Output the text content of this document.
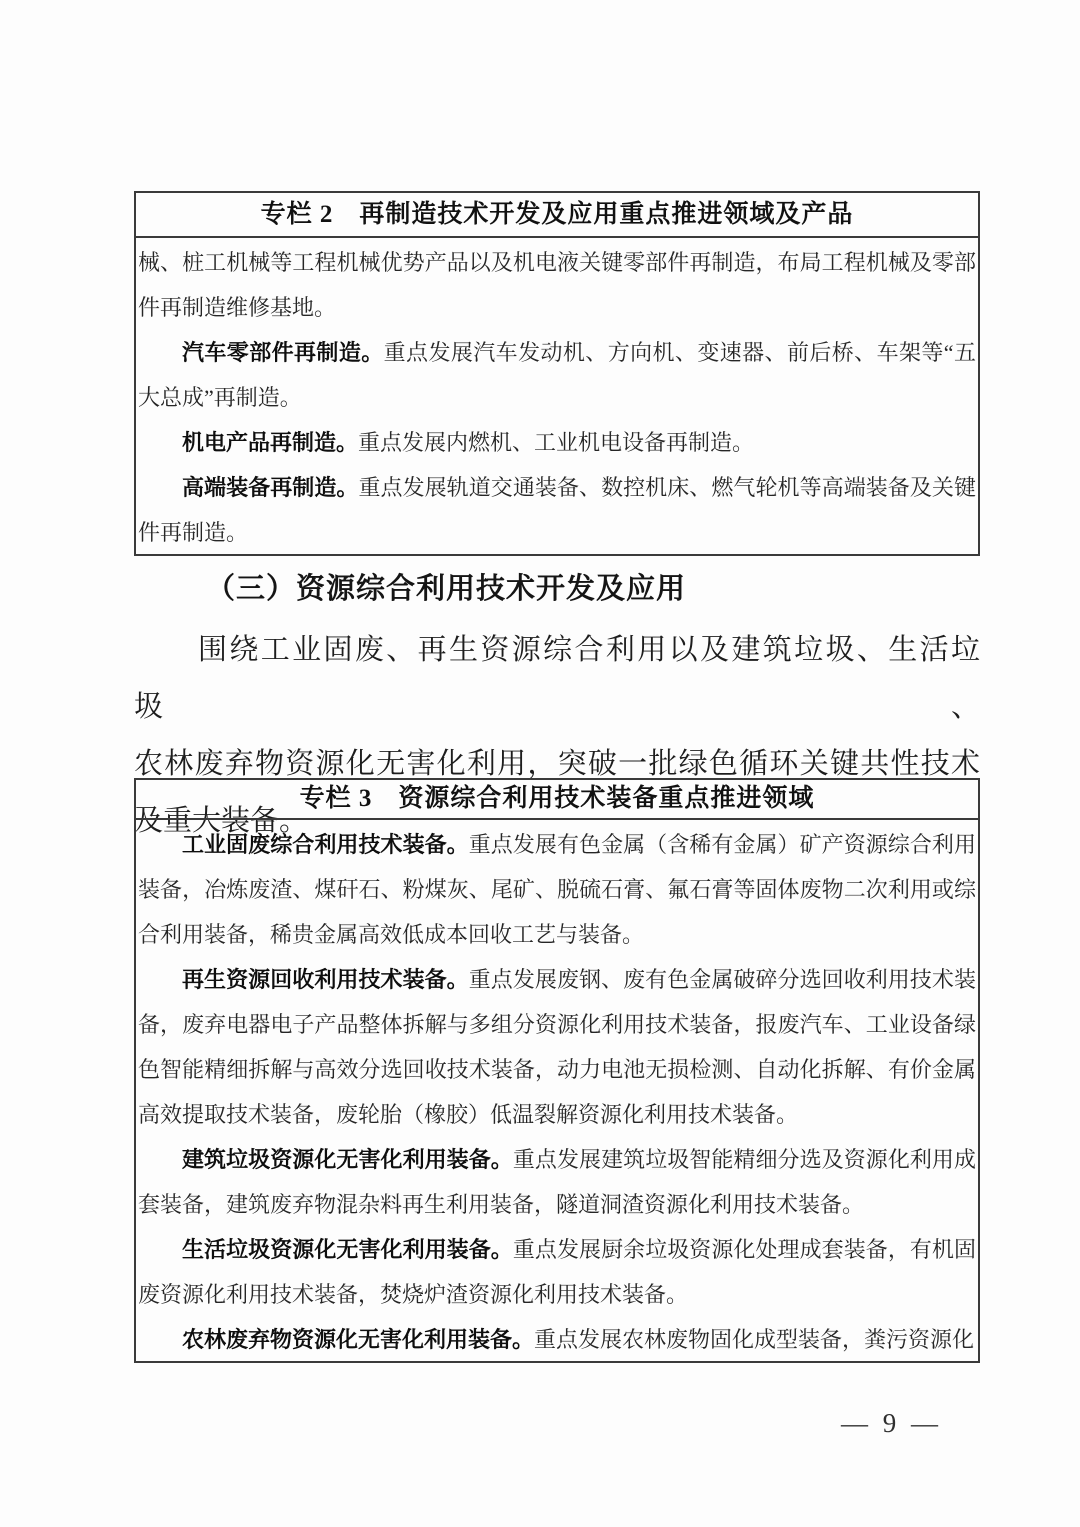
专栏 2　再制造技术开发及应用重点推进领域及产品

械、桩工机械等工程机械优势产品以及机电液关键零部件再制造，布局工程机械及零部件再制造维修基地。

汽车零部件再制造。重点发展汽车发动机、方向机、变速器、前后桥、车架等“五大总成”再制造。

机电产品再制造。重点发展内燃机、工业机电设备再制造。

高端装备再制造。重点发展轨道交通装备、数控机床、燃气轮机等高端装备及关键件再制造。

（三）资源综合利用技术开发及应用
围绕工业固废、再生资源综合利用以及建筑垃圾、生活垃圾、
农林废弃物资源化无害化利用，突破一批绿色循环关键共性技术
及重大装备。
专栏 3　资源综合利用技术装备重点推进领域

工业固废综合利用技术装备。重点发展有色金属（含稀有金属）矿产资源综合利用装备，冶炼废渣、煤矸石、粉煤灰、尾矿、脱硫石膏、氟石膏等固体废物二次利用或综合利用装备，稀贵金属高效低成本回收工艺与装备。

再生资源回收利用技术装备。重点发展废钢、废有色金属破碎分选回收利用技术装备，废弃电器电子产品整体拆解与多组分资源化利用技术装备，报废汽车、工业设备绿色智能精细拆解与高效分选回收技术装备，动力电池无损检测、自动化拆解、有价金属高效提取技术装备，废轮胎（橡胶）低温裂解资源化利用技术装备。

建筑垃圾资源化无害化利用装备。重点发展建筑垃圾智能精细分选及资源化利用成套装备，建筑废弃物混杂料再生利用装备，隧道洞渣资源化利用技术装备。

生活垃圾资源化无害化利用装备。重点发展厨余垃圾资源化处理成套装备，有机固废资源化利用技术装备，焚烧炉渣资源化利用技术装备。

农林废弃物资源化无害化利用装备。重点发展农林废物固化成型装备，粪污资源化

— 9 —
